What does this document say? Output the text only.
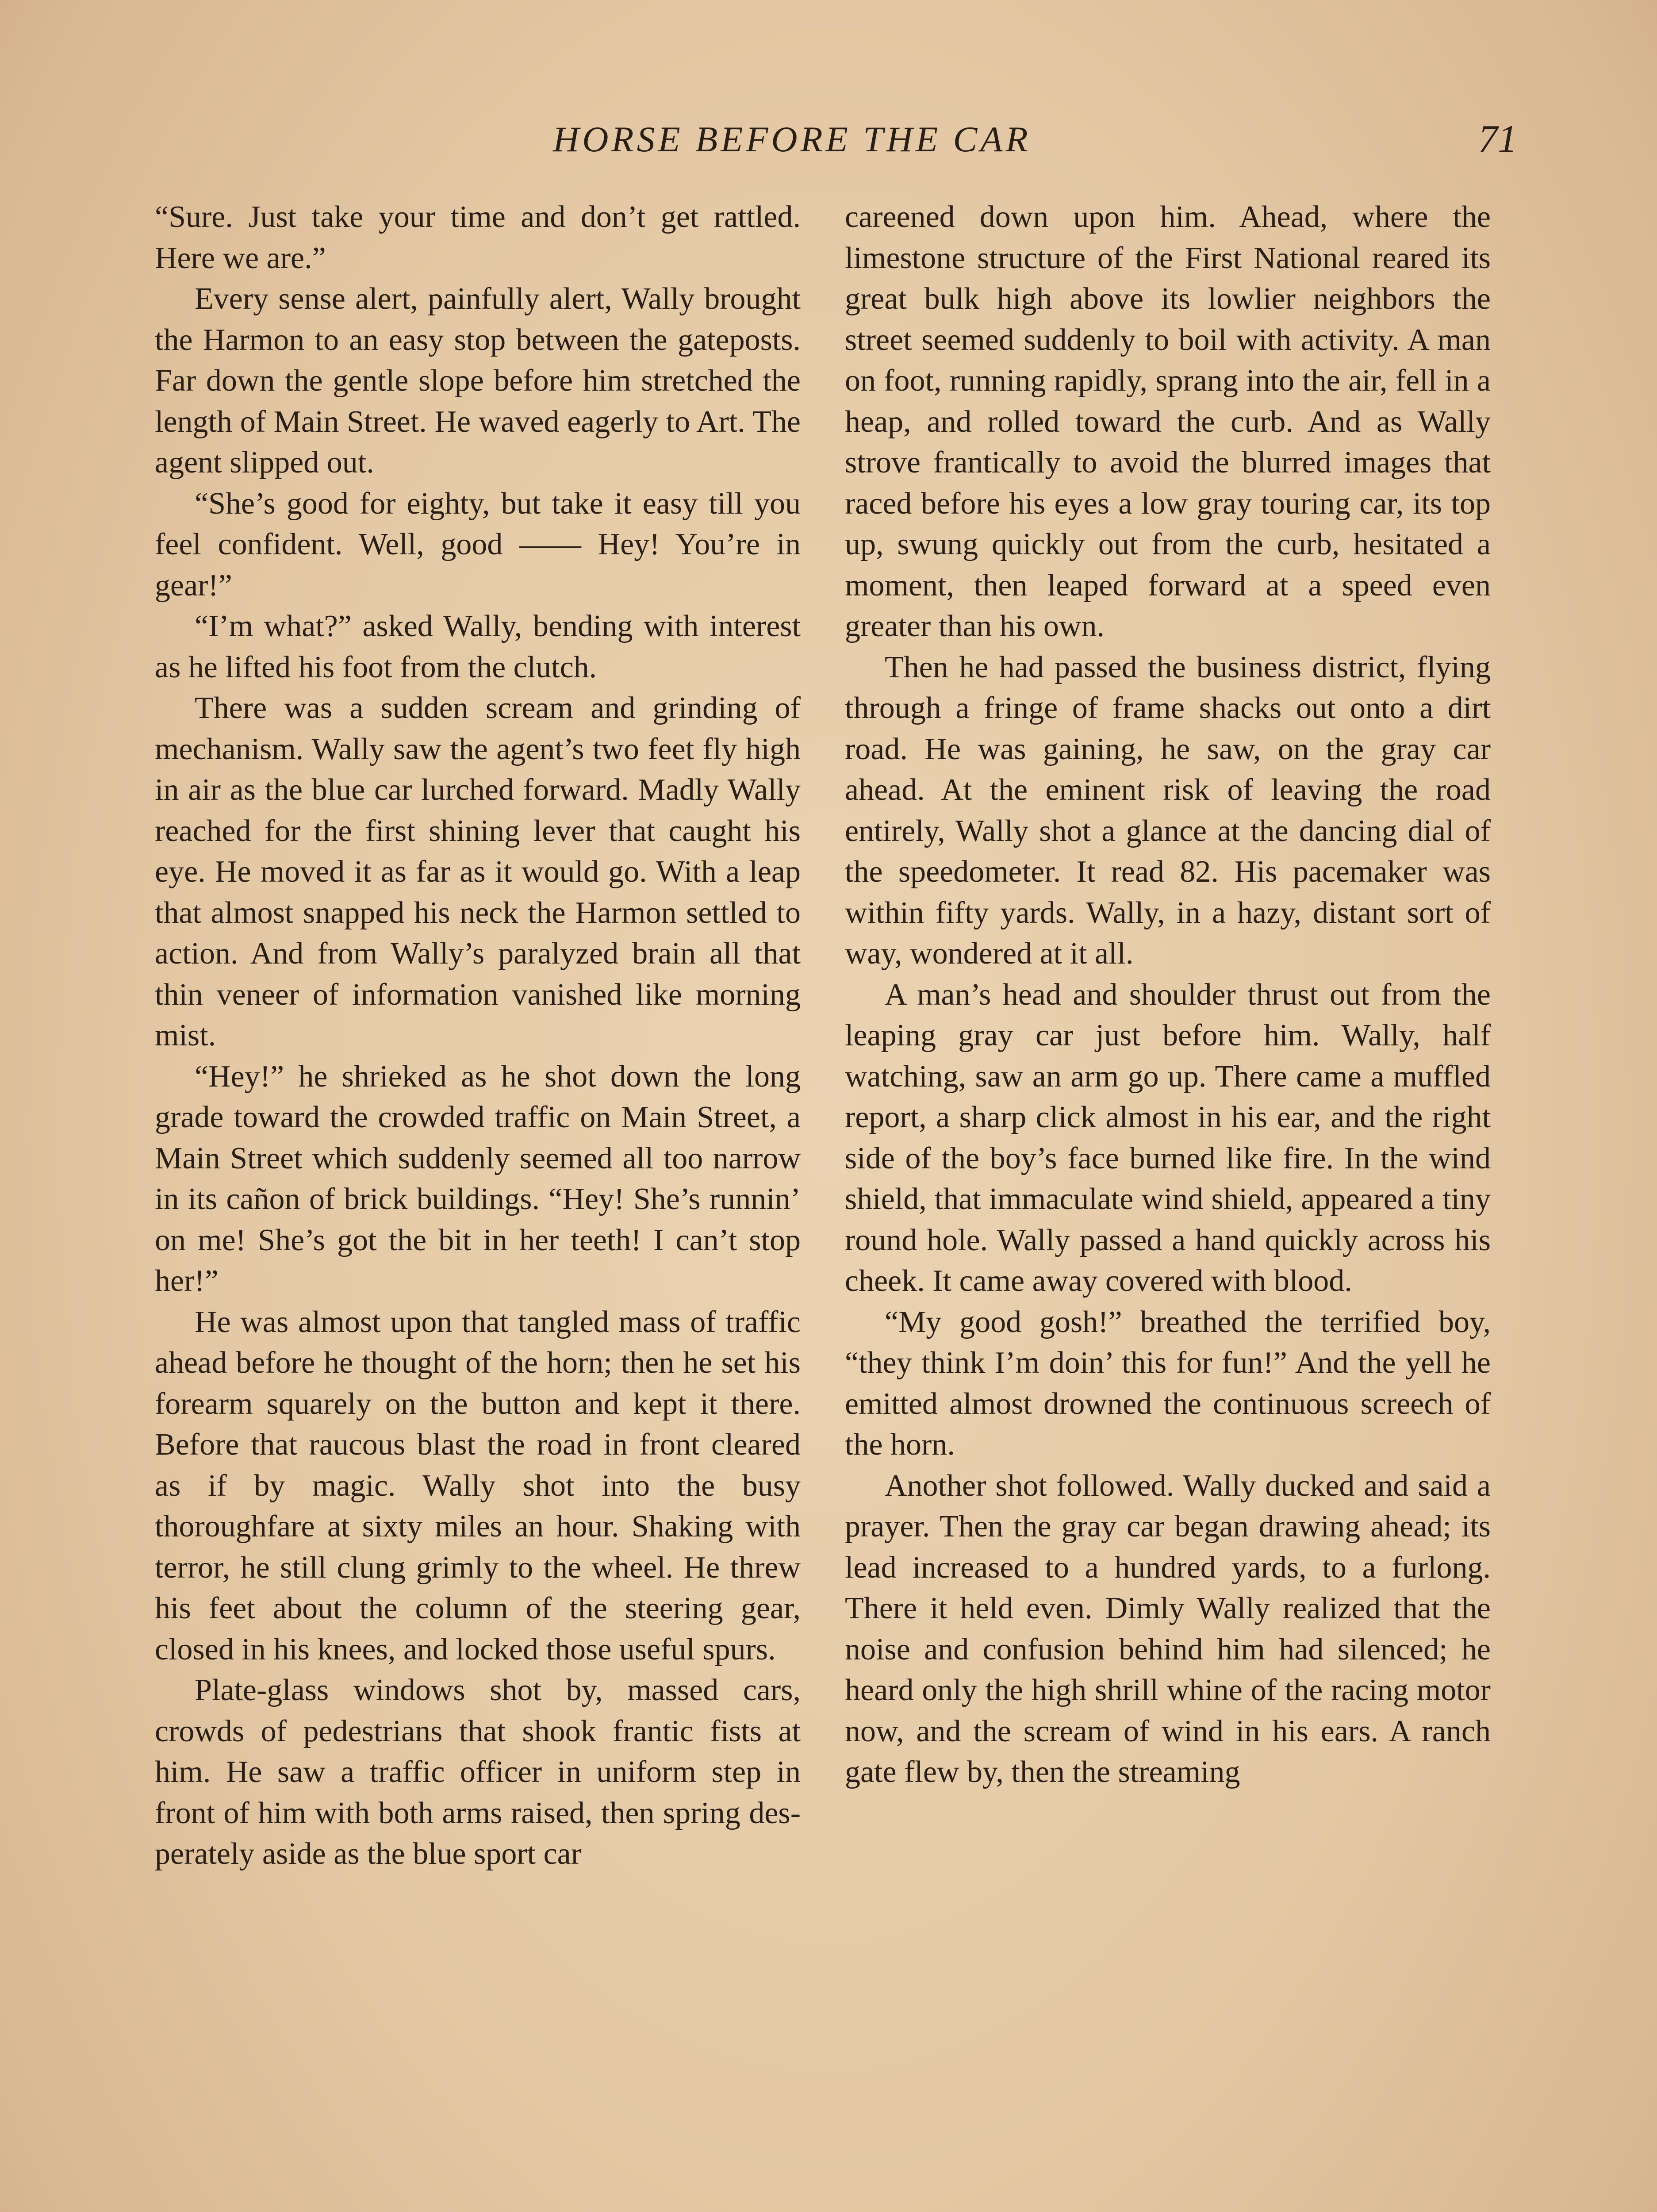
HORSE BEFORE THE CAR	71

“Sure. Just take your time and don’t get rattled. Here we are.”

Every sense alert, painfully alert, Wally brought the Harmon to an easy stop between the gateposts. Far down the gentle slope before him stretched the length of Main Street. He waved eagerly to Art. The agent slipped out.

“She’s good for eighty, but take it easy till you feel confident. Well, good —— Hey! You’re in gear!”

“I’m what?” asked Wally, bending with interest as he lifted his foot from the clutch.

There was a sudden scream and grinding of mechanism. Wally saw the agent’s two feet fly high in air as the blue car lurched forward. Madly Wally reached for the first shining lever that caught his eye. He moved it as far as it would go. With a leap that almost snapped his neck the Harmon settled to action. And from Wally’s paralyzed brain all that thin veneer of information vanished like morning mist.

“Hey!” he shrieked as he shot down the long grade toward the crowded traffic on Main Street, a Main Street which suddenly seemed all too narrow in its cañon of brick buildings. “Hey! She’s runnin’ on me! She’s got the bit in her teeth! I can’t stop her!”

He was almost upon that tangled mass of traffic ahead before he thought of the horn; then he set his forearm squarely on the button and kept it there. Before that raucous blast the road in front cleared as if by magic. Wally shot into the busy thoroughfare at sixty miles an hour. Shaking with terror, he still clung grimly to the wheel. He threw his feet about the column of the steering gear, closed in his knees, and locked those useful spurs.

Plate-glass windows shot by, massed cars, crowds of pedestrians that shook frantic fists at him. He saw a traffic officer in uniform step in front of him with both arms raised, then spring desperately aside as the blue sport car

careened down upon him. Ahead, where the limestone structure of the First National reared its great bulk high above its lowlier neighbors the street seemed suddenly to boil with activity. A man on foot, running rapidly, sprang into the air, fell in a heap, and rolled toward the curb. And as Wally strove frantically to avoid the blurred images that raced before his eyes a low gray touring car, its top up, swung quickly out from the curb, hesitated a moment, then leaped forward at a speed even greater than his own.

Then he had passed the business district, flying through a fringe of frame shacks out onto a dirt road. He was gaining, he saw, on the gray car ahead. At the eminent risk of leaving the road entirely, Wally shot a glance at the dancing dial of the speedometer. It read 82. His pacemaker was within fifty yards. Wally, in a hazy, distant sort of way, wondered at it all.

A man’s head and shoulder thrust out from the leaping gray car just before him. Wally, half watching, saw an arm go up. There came a muffled report, a sharp click almost in his ear, and the right side of the boy’s face burned like fire. In the wind shield, that immaculate wind shield, appeared a tiny round hole. Wally passed a hand quickly across his cheek. It came away covered with blood.

“My good gosh!” breathed the terrified boy, “they think I’m doin’ this for fun!” And the yell he emitted almost drowned the continuous screech of the horn.

Another shot followed. Wally ducked and said a prayer. Then the gray car began drawing ahead; its lead increased to a hundred yards, to a furlong. There it held even. Dimly Wally realized that the noise and confusion behind him had silenced; he heard only the high shrill whine of the racing motor now, and the scream of wind in his ears. A ranch gate flew by, then the streaming
